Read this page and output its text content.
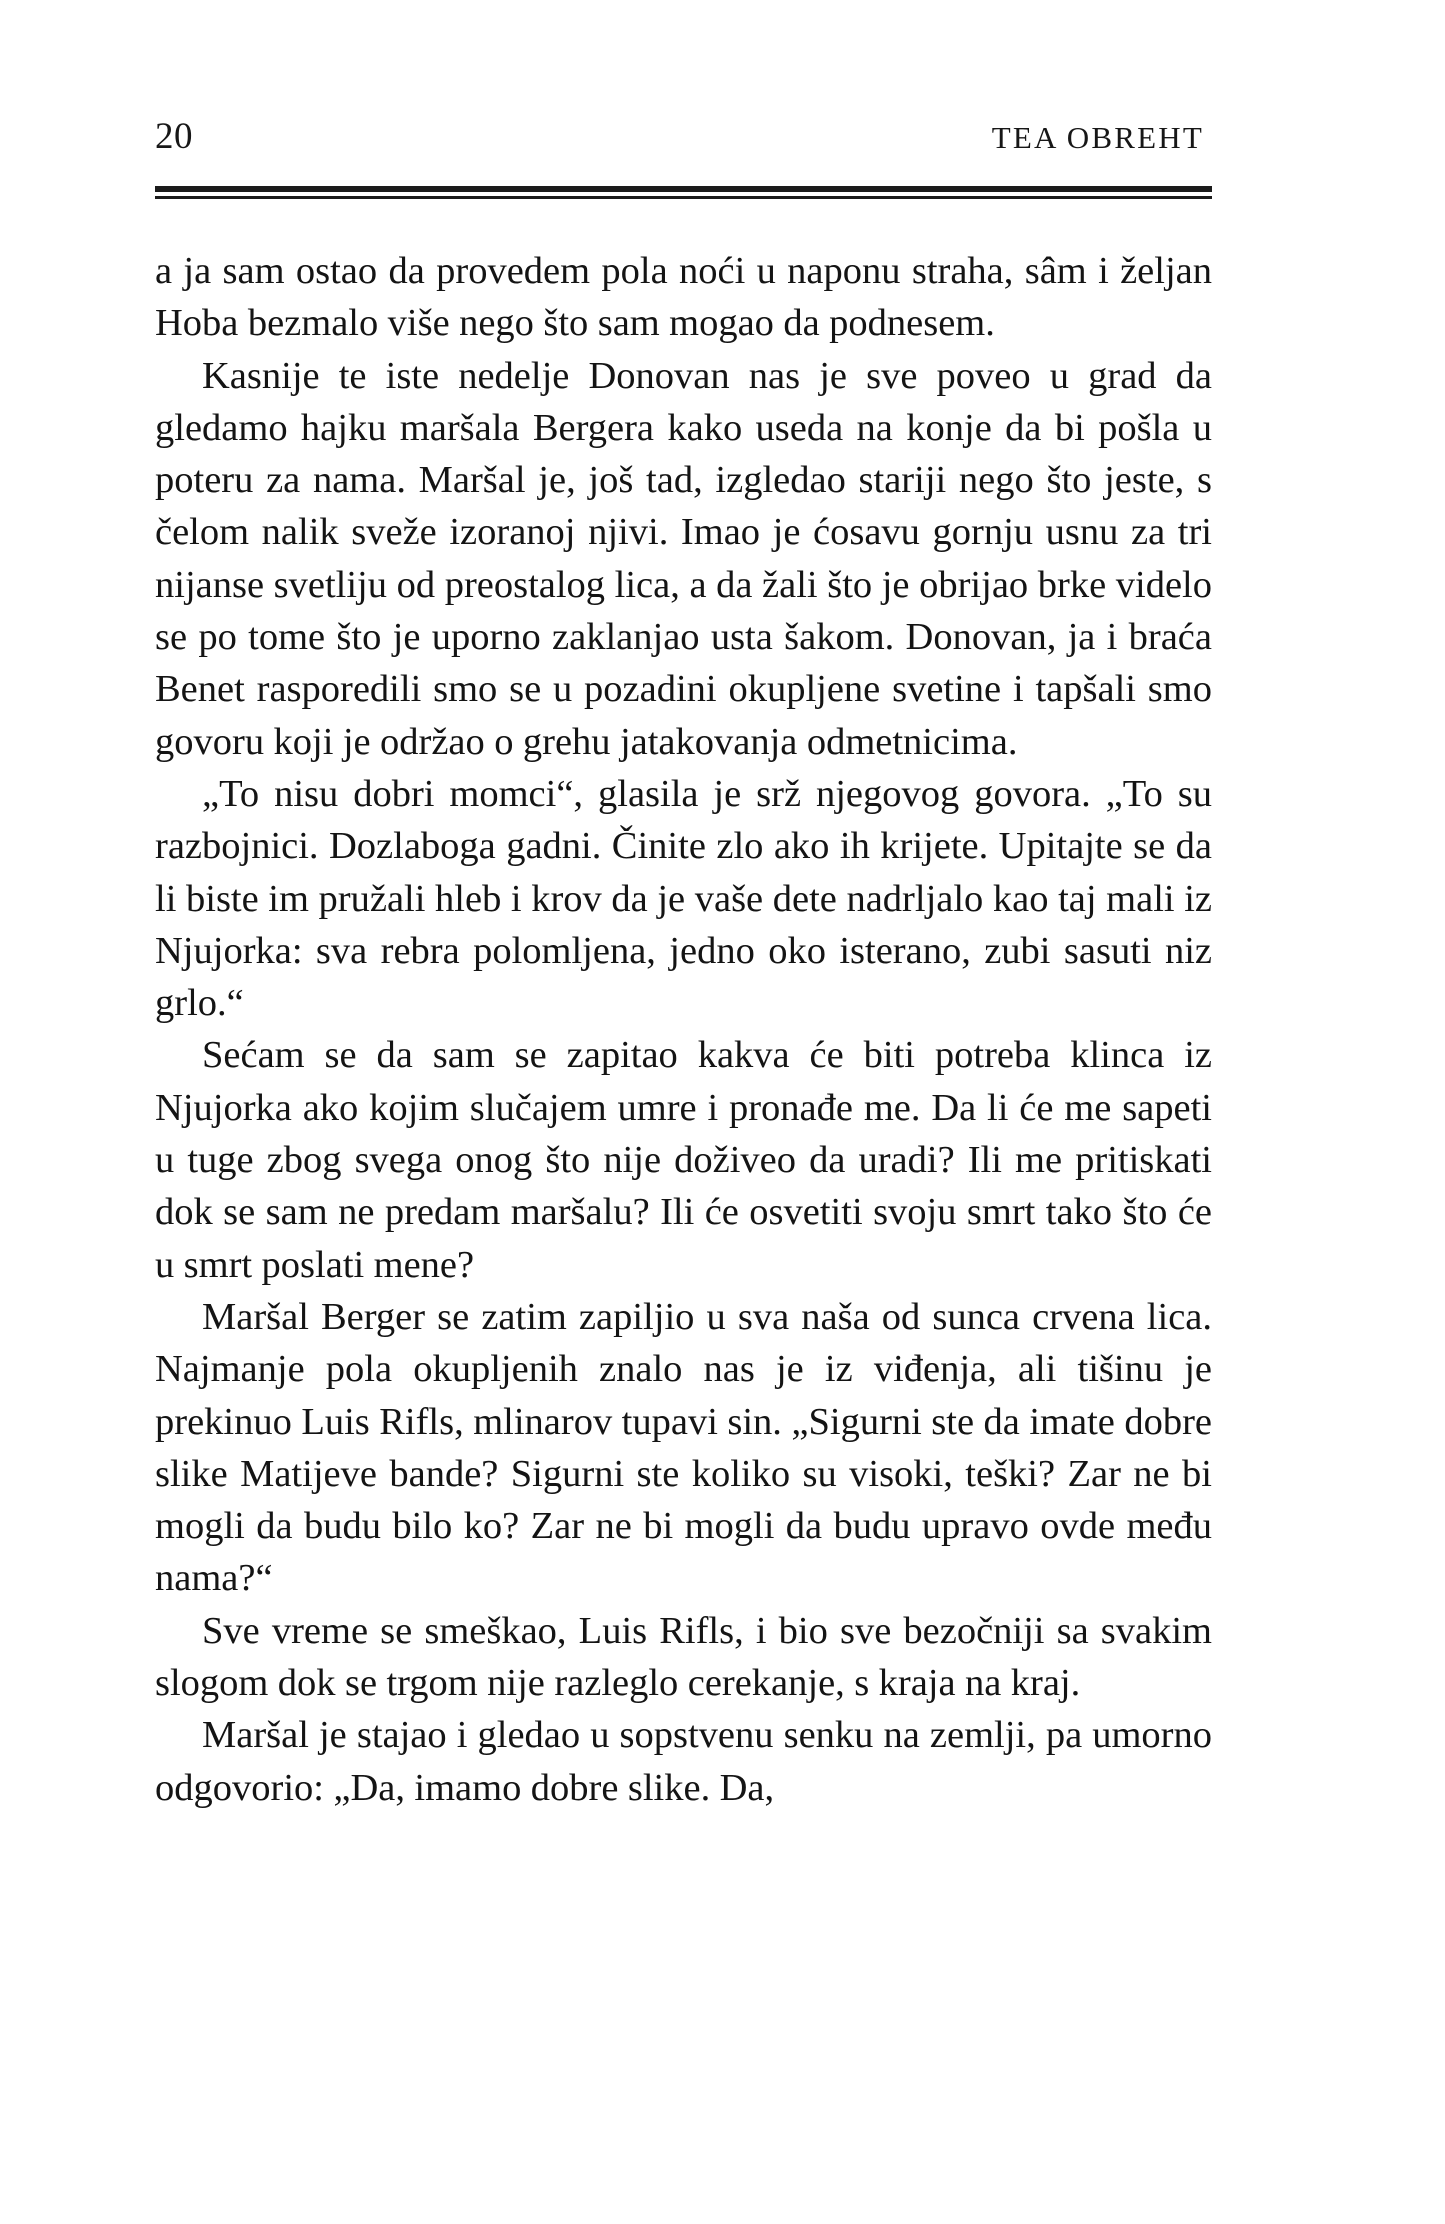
20	TEA OBREHT

a ja sam ostao da provedem pola noći u naponu straha, sâm i željan Hoba bezmalo više nego što sam mogao da podnesem.

Kasnije te iste nedelje Donovan nas je sve poveo u grad da gledamo hajku maršala Bergera kako useda na konje da bi pošla u poteru za nama. Maršal je, još tad, izgledao stariji nego što jeste, s čelom nalik sveže izoranoj njivi. Imao je ćosavu gornju usnu za tri nijanse svetliju od preostalog lica, a da žali što je obrijao brke videlo se po tome što je uporno zaklanjao usta šakom. Donovan, ja i braća Benet rasporedili smo se u pozadini okupljene svetine i tapšali smo govoru koji je održao o grehu jatakovanja odmetnicima.

„To nisu dobri momci“, glasila je srž njegovog govora. „To su razbojnici. Dozlaboga gadni. Činite zlo ako ih krijete. Upitajte se da li biste im pružali hleb i krov da je vaše dete nadrljalo kao taj mali iz Njujorka: sva rebra polomljena, jedno oko isterano, zubi sasuti niz grlo.“

Sećam se da sam se zapitao kakva će biti potreba klinca iz Njujorka ako kojim slučajem umre i pronađe me. Da li će me sapeti u tuge zbog svega onog što nije doživeo da uradi? Ili me pritiskati dok se sam ne predam maršalu? Ili će osvetiti svoju smrt tako što će u smrt poslati mene?

Maršal Berger se zatim zapiljio u sva naša od sunca crvena lica. Najmanje pola okupljenih znalo nas je iz viđenja, ali tišinu je prekinuo Luis Rifls, mlinarov tupavi sin. „Sigurni ste da imate dobre slike Matijeve bande? Sigurni ste koliko su visoki, teški? Zar ne bi mogli da budu bilo ko? Zar ne bi mogli da budu upravo ovde među nama?“

Sve vreme se smeškao, Luis Rifls, i bio sve bezočniji sa svakim slogom dok se trgom nije razleglo cerekanje, s kraja na kraj.

Maršal je stajao i gledao u sopstvenu senku na zemlji, pa umorno odgovorio: „Da, imamo dobre slike. Da,
